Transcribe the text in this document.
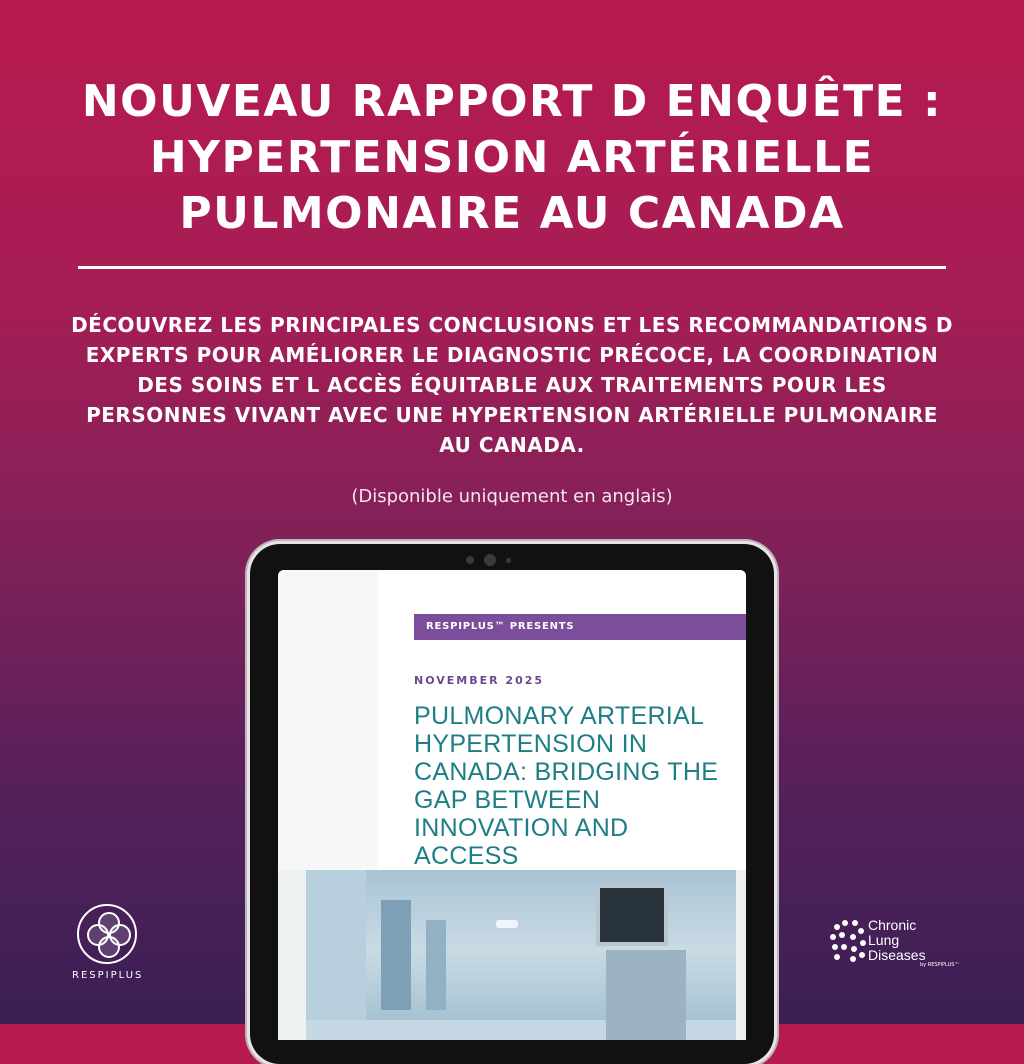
NOUVEAU RAPPORT D ENQUÊTE : HYPERTENSION ARTÉRIELLE PULMONAIRE AU CANADA

DÉCOUVREZ LES PRINCIPALES CONCLUSIONS ET LES RECOMMANDATIONS D EXPERTS POUR AMÉLIORER LE DIAGNOSTIC PRÉCOCE, LA COORDINATION DES SOINS ET L ACCÈS ÉQUITABLE AUX TRAITEMENTS POUR LES PERSONNES VIVANT AVEC UNE HYPERTENSION ARTÉRIELLE PULMONAIRE AU CANADA.

(Disponible uniquement en anglais)
RESPIPLUS™ PRESENTS
NOVEMBER 2025
PULMONARY ARTERIAL HYPERTENSION IN CANADA: BRIDGING THE GAP BETWEEN INNOVATION AND ACCESS
RESPIPLUS
Chronic
Lung
Diseases
by RESPIPLUS™
